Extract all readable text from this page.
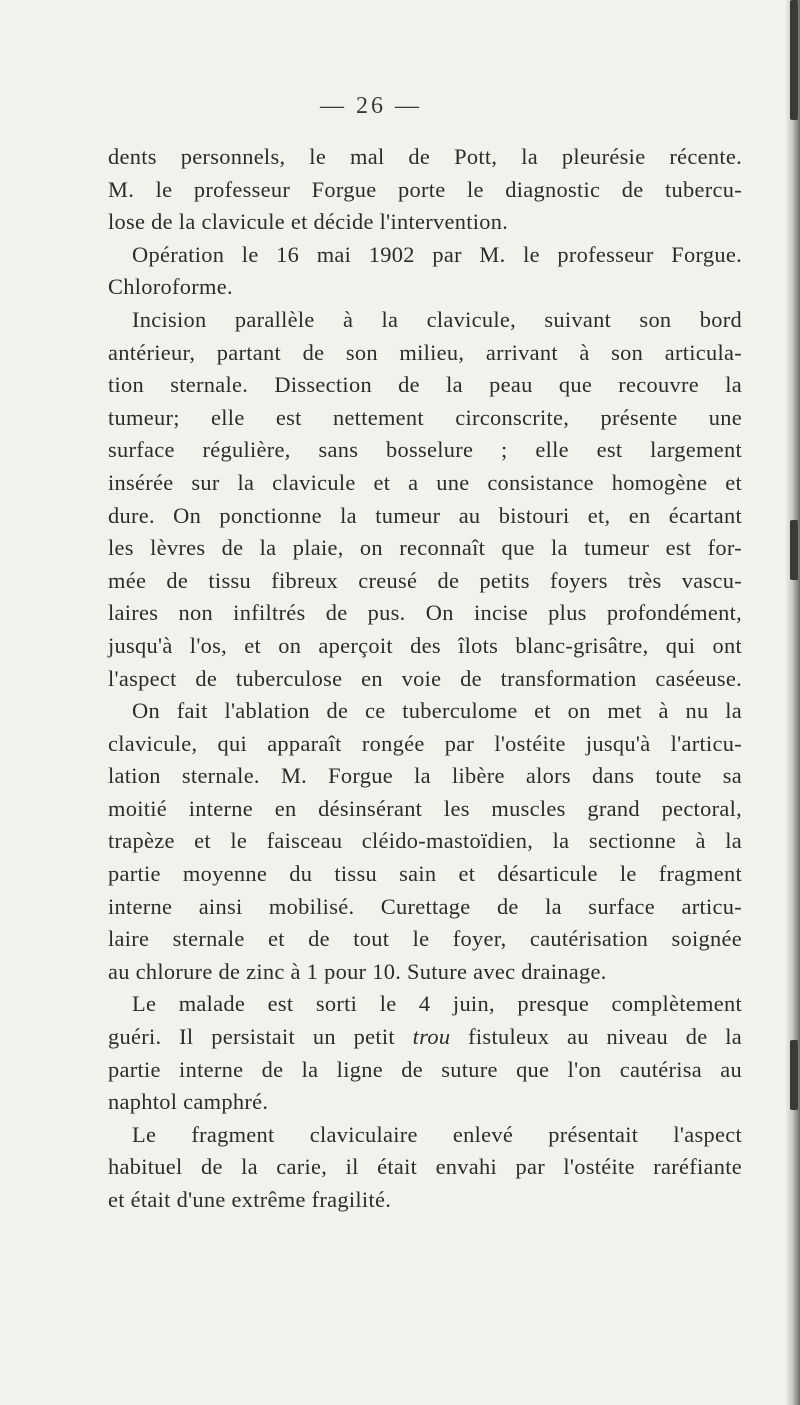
— 26 —
dents personnels, le mal de Pott, la pleurésie récente.
M. le professeur Forgue porte le diagnostic de tubercu-
lose de la clavicule et décide l'intervention.
Opération le 16 mai 1902 par M. le professeur Forgue.
Chloroforme.
Incision parallèle à la clavicule, suivant son bord
antérieur, partant de son milieu, arrivant à son articula-
tion sternale. Dissection de la peau que recouvre la
tumeur; elle est nettement circonscrite, présente une
surface régulière, sans bosselure ; elle est largement
insérée sur la clavicule et a une consistance homogène et
dure. On ponctionne la tumeur au bistouri et, en écartant
les lèvres de la plaie, on reconnaît que la tumeur est for-
mée de tissu fibreux creusé de petits foyers très vascu-
laires non infiltrés de pus. On incise plus profondément,
jusqu'à l'os, et on aperçoit des îlots blanc-grisâtre, qui ont
l'aspect de tuberculose en voie de transformation caséeuse.
On fait l'ablation de ce tuberculome et on met à nu la
clavicule, qui apparaît rongée par l'ostéite jusqu'à l'articu-
lation sternale. M. Forgue la libère alors dans toute sa
moitié interne en désinsérant les muscles grand pectoral,
trapèze et le faisceau cléido-mastoïdien, la sectionne à la
partie moyenne du tissu sain et désarticule le fragment
interne ainsi mobilisé. Curettage de la surface articu-
laire sternale et de tout le foyer, cautérisation soignée
au chlorure de zinc à 1 pour 10. Suture avec drainage.
Le malade est sorti le 4 juin, presque complètement
guéri. Il persistait un petit trou fistuleux au niveau de la
partie interne de la ligne de suture que l'on cautérisa au
naphtol camphré.
Le fragment claviculaire enlevé présentait l'aspect
habituel de la carie, il était envahi par l'ostéite raréfiante
et était d'une extrême fragilité.
